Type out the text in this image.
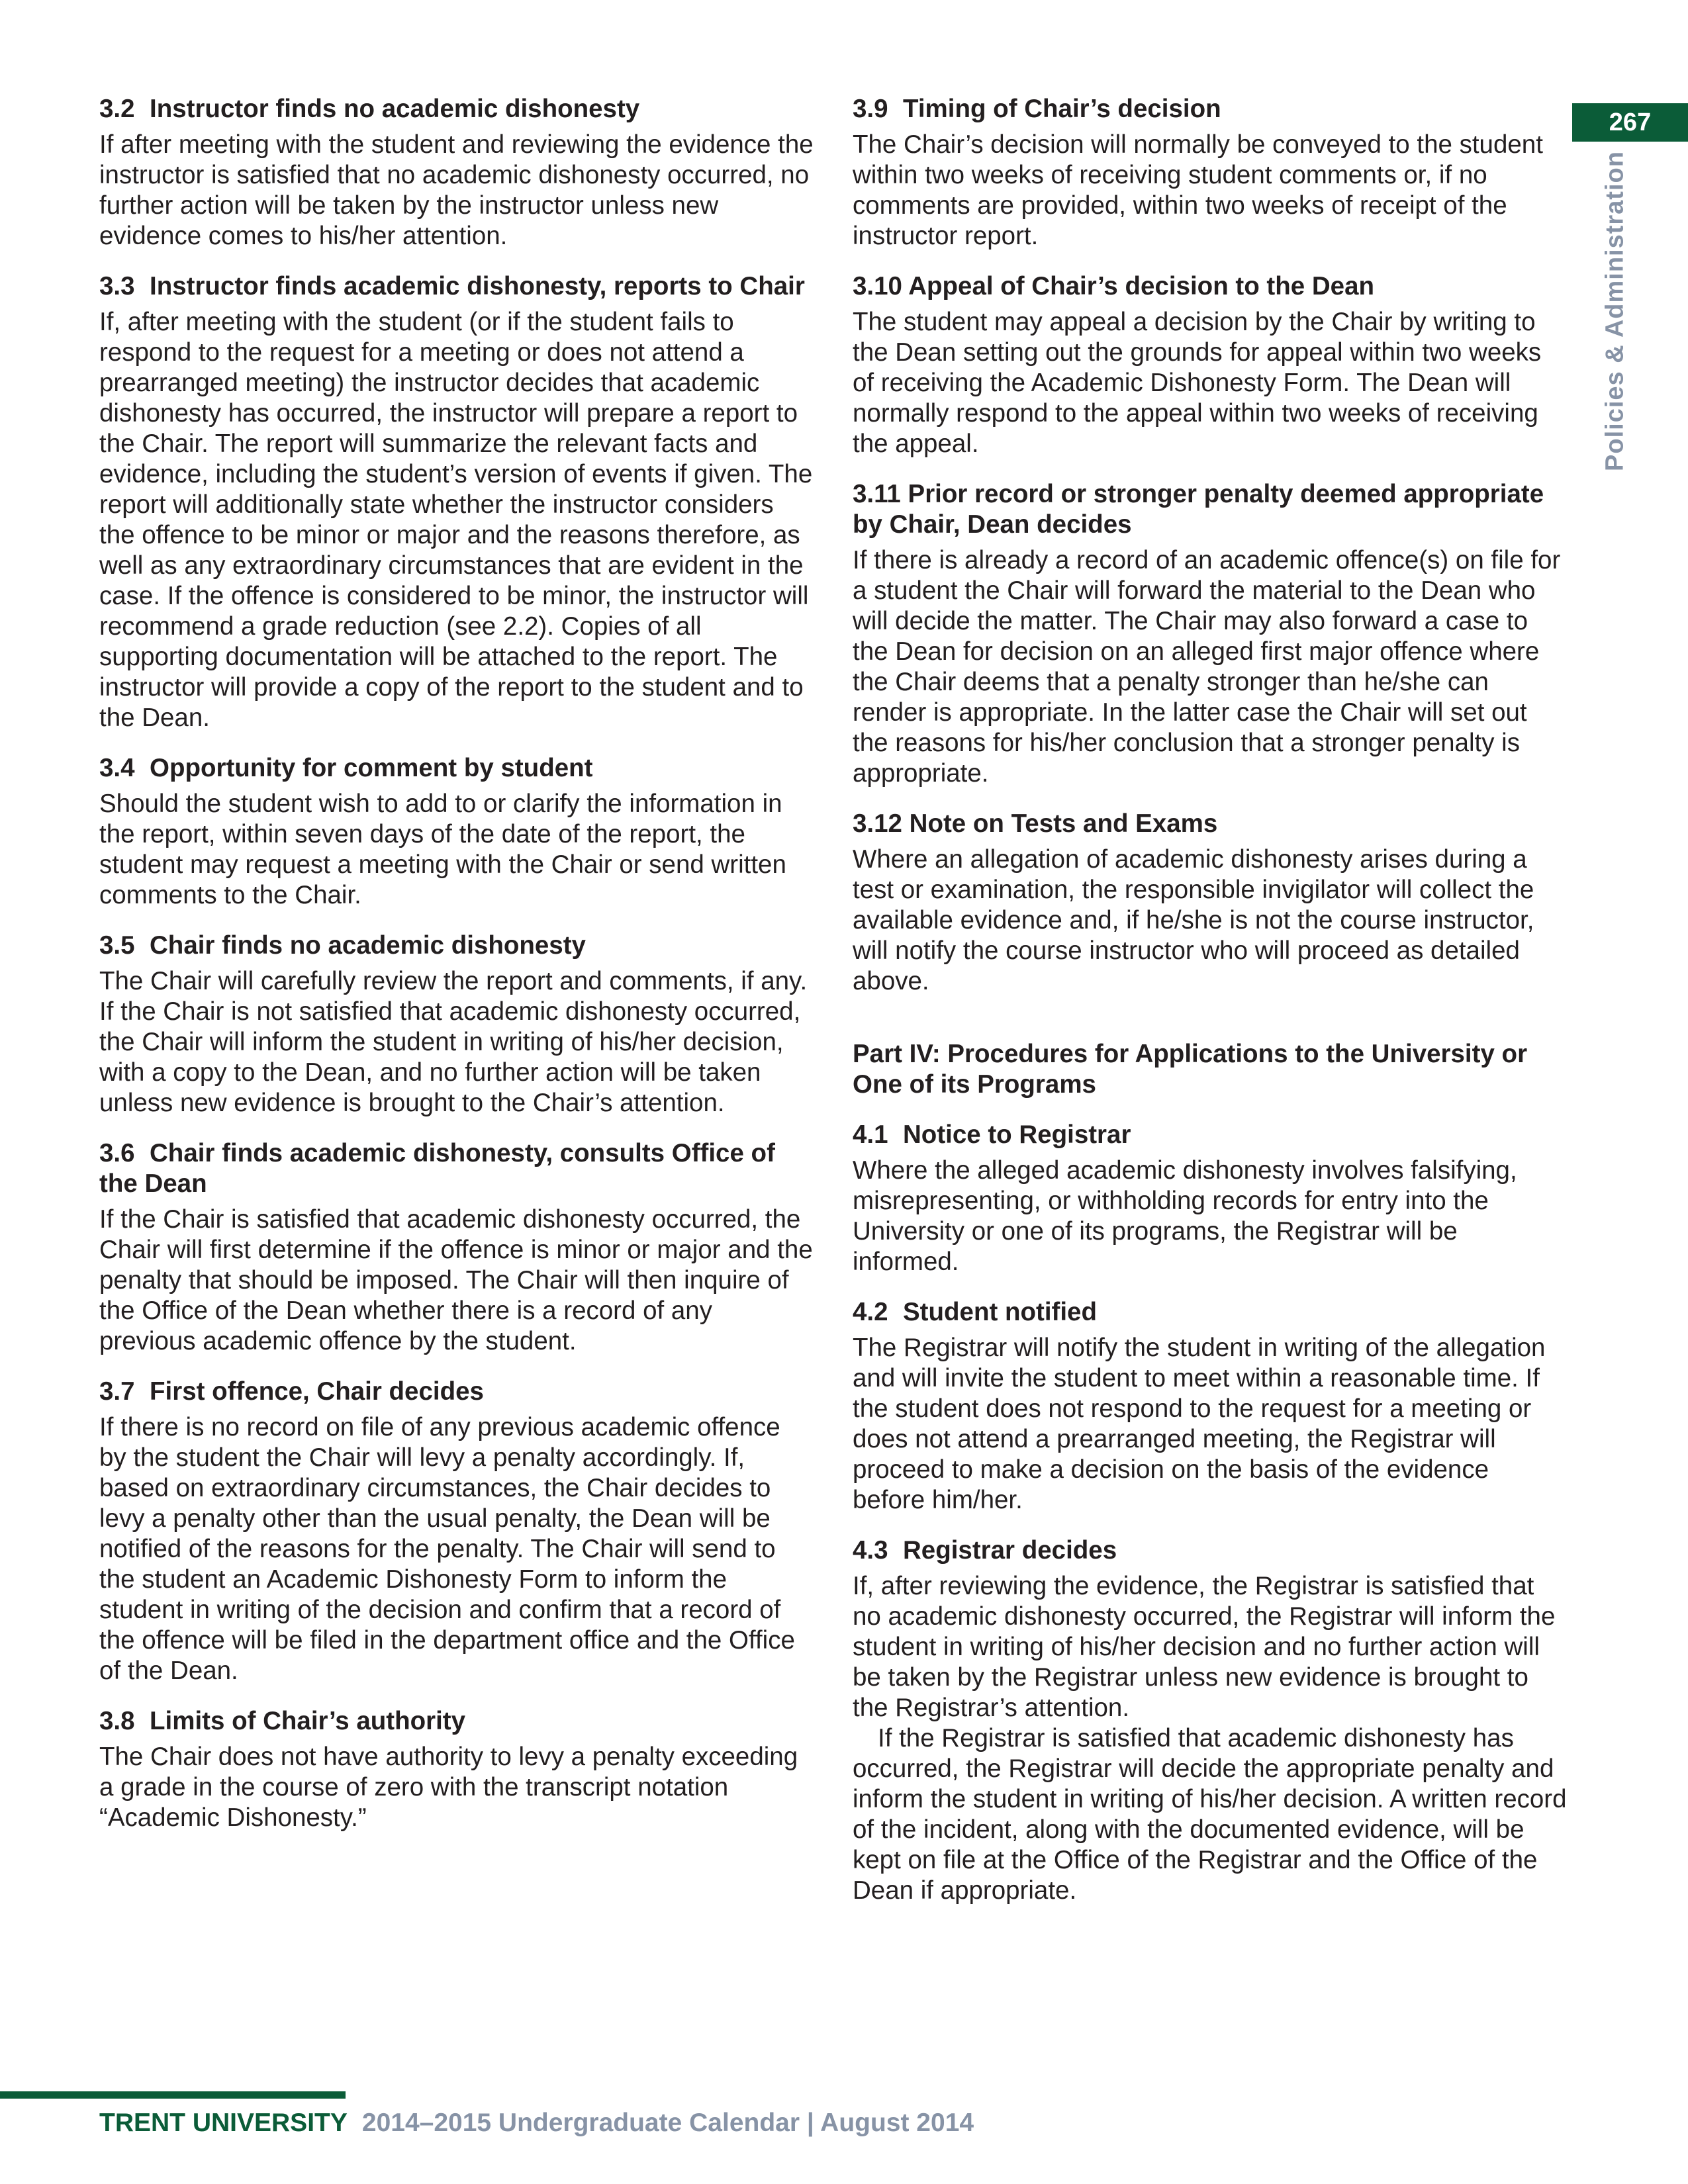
267
Policies & Administration
3.2 Instructor finds no academic dishonesty

If after meeting with the student and reviewing the evidence the instructor is satisfied that no academic dishonesty occurred, no further action will be taken by the instructor unless new evidence comes to his/her attention.

3.3 Instructor finds academic dishonesty, reports to Chair

If, after meeting with the student (or if the student fails to respond to the request for a meeting or does not attend a prearranged meeting) the instructor decides that academic dishonesty has occurred, the instructor will prepare a report to the Chair. The report will summarize the relevant facts and evidence, including the student’s version of events if given. The report will additionally state whether the instructor considers the offence to be minor or major and the reasons therefore, as well as any extraordinary circumstances that are evident in the case. If the offence is considered to be minor, the instructor will recommend a grade reduction (see 2.2). Copies of all supporting documentation will be attached to the report. The instructor will provide a copy of the report to the student and to the Dean.

3.4 Opportunity for comment by student

Should the student wish to add to or clarify the information in the report, within seven days of the date of the report, the student may request a meeting with the Chair or send written comments to the Chair.

3.5 Chair finds no academic dishonesty

The Chair will carefully review the report and comments, if any. If the Chair is not satisfied that academic dishonesty occurred, the Chair will inform the student in writing of his/her decision, with a copy to the Dean, and no further action will be taken unless new evidence is brought to the Chair’s attention.

3.6 Chair finds academic dishonesty, consults Office of the Dean

If the Chair is satisfied that academic dishonesty occurred, the Chair will first determine if the offence is minor or major and the penalty that should be imposed. The Chair will then inquire of the Office of the Dean whether there is a record of any previous academic offence by the student.

3.7 First offence, Chair decides

If there is no record on file of any previous academic offence by the student the Chair will levy a penalty accordingly. If, based on extraordinary circumstances, the Chair decides to levy a penalty other than the usual penalty, the Dean will be notified of the reasons for the penalty. The Chair will send to the student an Academic Dishonesty Form to inform the student in writing of the decision and confirm that a record of the offence will be filed in the department office and the Office of the Dean.

3.8 Limits of Chair’s authority

The Chair does not have authority to levy a penalty exceeding a grade in the course of zero with the transcript notation “Academic Dishonesty.”

3.9 Timing of Chair’s decision

The Chair’s decision will normally be conveyed to the student within two weeks of receiving student comments or, if no comments are provided, within two weeks of receipt of the instructor report.

3.10 Appeal of Chair’s decision to the Dean

The student may appeal a decision by the Chair by writing to the Dean setting out the grounds for appeal within two weeks of receiving the Academic Dishonesty Form. The Dean will normally respond to the appeal within two weeks of receiving the appeal.

3.11 Prior record or stronger penalty deemed appropriate by Chair, Dean decides

If there is already a record of an academic offence(s) on file for a student the Chair will forward the material to the Dean who will decide the matter. The Chair may also forward a case to the Dean for decision on an alleged first major offence where the Chair deems that a penalty stronger than he/she can render is appropriate. In the latter case the Chair will set out the reasons for his/her conclusion that a stronger penalty is appropriate.

3.12 Note on Tests and Exams

Where an allegation of academic dishonesty arises during a test or examination, the responsible invigilator will collect the available evidence and, if he/she is not the course instructor, will notify the course instructor who will proceed as detailed above.

Part IV: Procedures for Applications to the University or One of its Programs
4.1 Notice to Registrar

Where the alleged academic dishonesty involves falsifying, misrepresenting, or withholding records for entry into the University or one of its programs, the Registrar will be informed.

4.2 Student notified

The Registrar will notify the student in writing of the allegation and will invite the student to meet within a reasonable time. If the student does not respond to the request for a meeting or does not attend a prearranged meeting, the Registrar will proceed to make a decision on the basis of the evidence before him/her.

4.3 Registrar decides

If, after reviewing the evidence, the Registrar is satisfied that no academic dishonesty occurred, the Registrar will inform the student in writing of his/her decision and no further action will be taken by the Registrar unless new evidence is brought to the Registrar’s attention.

If the Registrar is satisfied that academic dishonesty has occurred, the Registrar will decide the appropriate penalty and inform the student in writing of his/her decision. A written record of the incident, along with the documented evidence, will be kept on file at the Office of the Registrar and the Office of the Dean if appropriate.

TRENT UNIVERSITY 2014–2015 Undergraduate Calendar | August 2014
